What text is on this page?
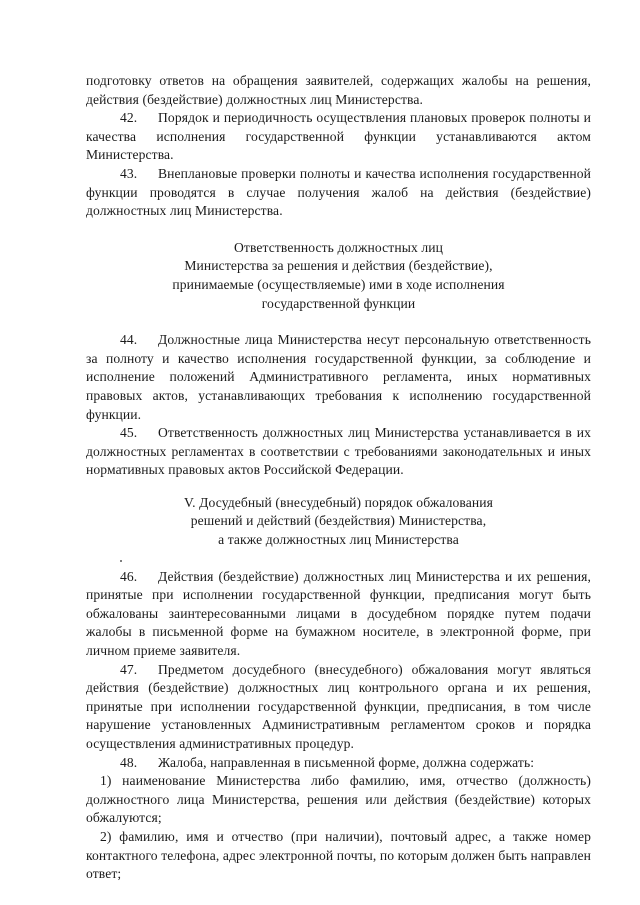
подготовку ответов на обращения заявителей, содержащих жалобы на решения, действия (бездействие) должностных лиц Министерства.

42. Порядок и периодичность осуществления плановых проверок полноты и качества исполнения государственной функции устанавливаются актом Министерства.

43. Внеплановые проверки полноты и качества исполнения государственной функции проводятся в случае получения жалоб на действия (бездействие) должностных лиц Министерства.

Ответственность должностных лиц
Министерства за решения и действия (бездействие),
принимаемые (осуществляемые) ими в ходе исполнения
государственной функции

44. Должностные лица Министерства несут персональную ответственность за полноту и качество исполнения государственной функции, за соблюдение и исполнение положений Административного регламента, иных нормативных правовых актов, устанавливающих требования к исполнению государственной функции.

45. Ответственность должностных лиц Министерства устанавливается в их должностных регламентах в соответствии с требованиями законодательных и иных нормативных правовых актов Российской Федерации.

V. Досудебный (внесудебный) порядок обжалования
решений и действий (бездействия) Министерства,
а также должностных лиц Министерства

46. Действия (бездействие) должностных лиц Министерства и их решения, принятые при исполнении государственной функции, предписания могут быть обжалованы заинтересованными лицами в досудебном порядке путем подачи жалобы в письменной форме на бумажном носителе, в электронной форме, при личном приеме заявителя.

47. Предметом досудебного (внесудебного) обжалования могут являться действия (бездействие) должностных лиц контрольного органа и их решения, принятые при исполнении государственной функции, предписания, в том числе нарушение установленных Административным регламентом сроков и порядка осуществления административных процедур.

48. Жалоба, направленная в письменной форме, должна содержать:

1) наименование Министерства либо фамилию, имя, отчество (должность) должностного лица Министерства, решения или действия (бездействие) которых обжалуются;

2) фамилию, имя и отчество (при наличии), почтовый адрес, а также номер контактного телефона, адрес электронной почты, по которым должен быть направлен ответ;
